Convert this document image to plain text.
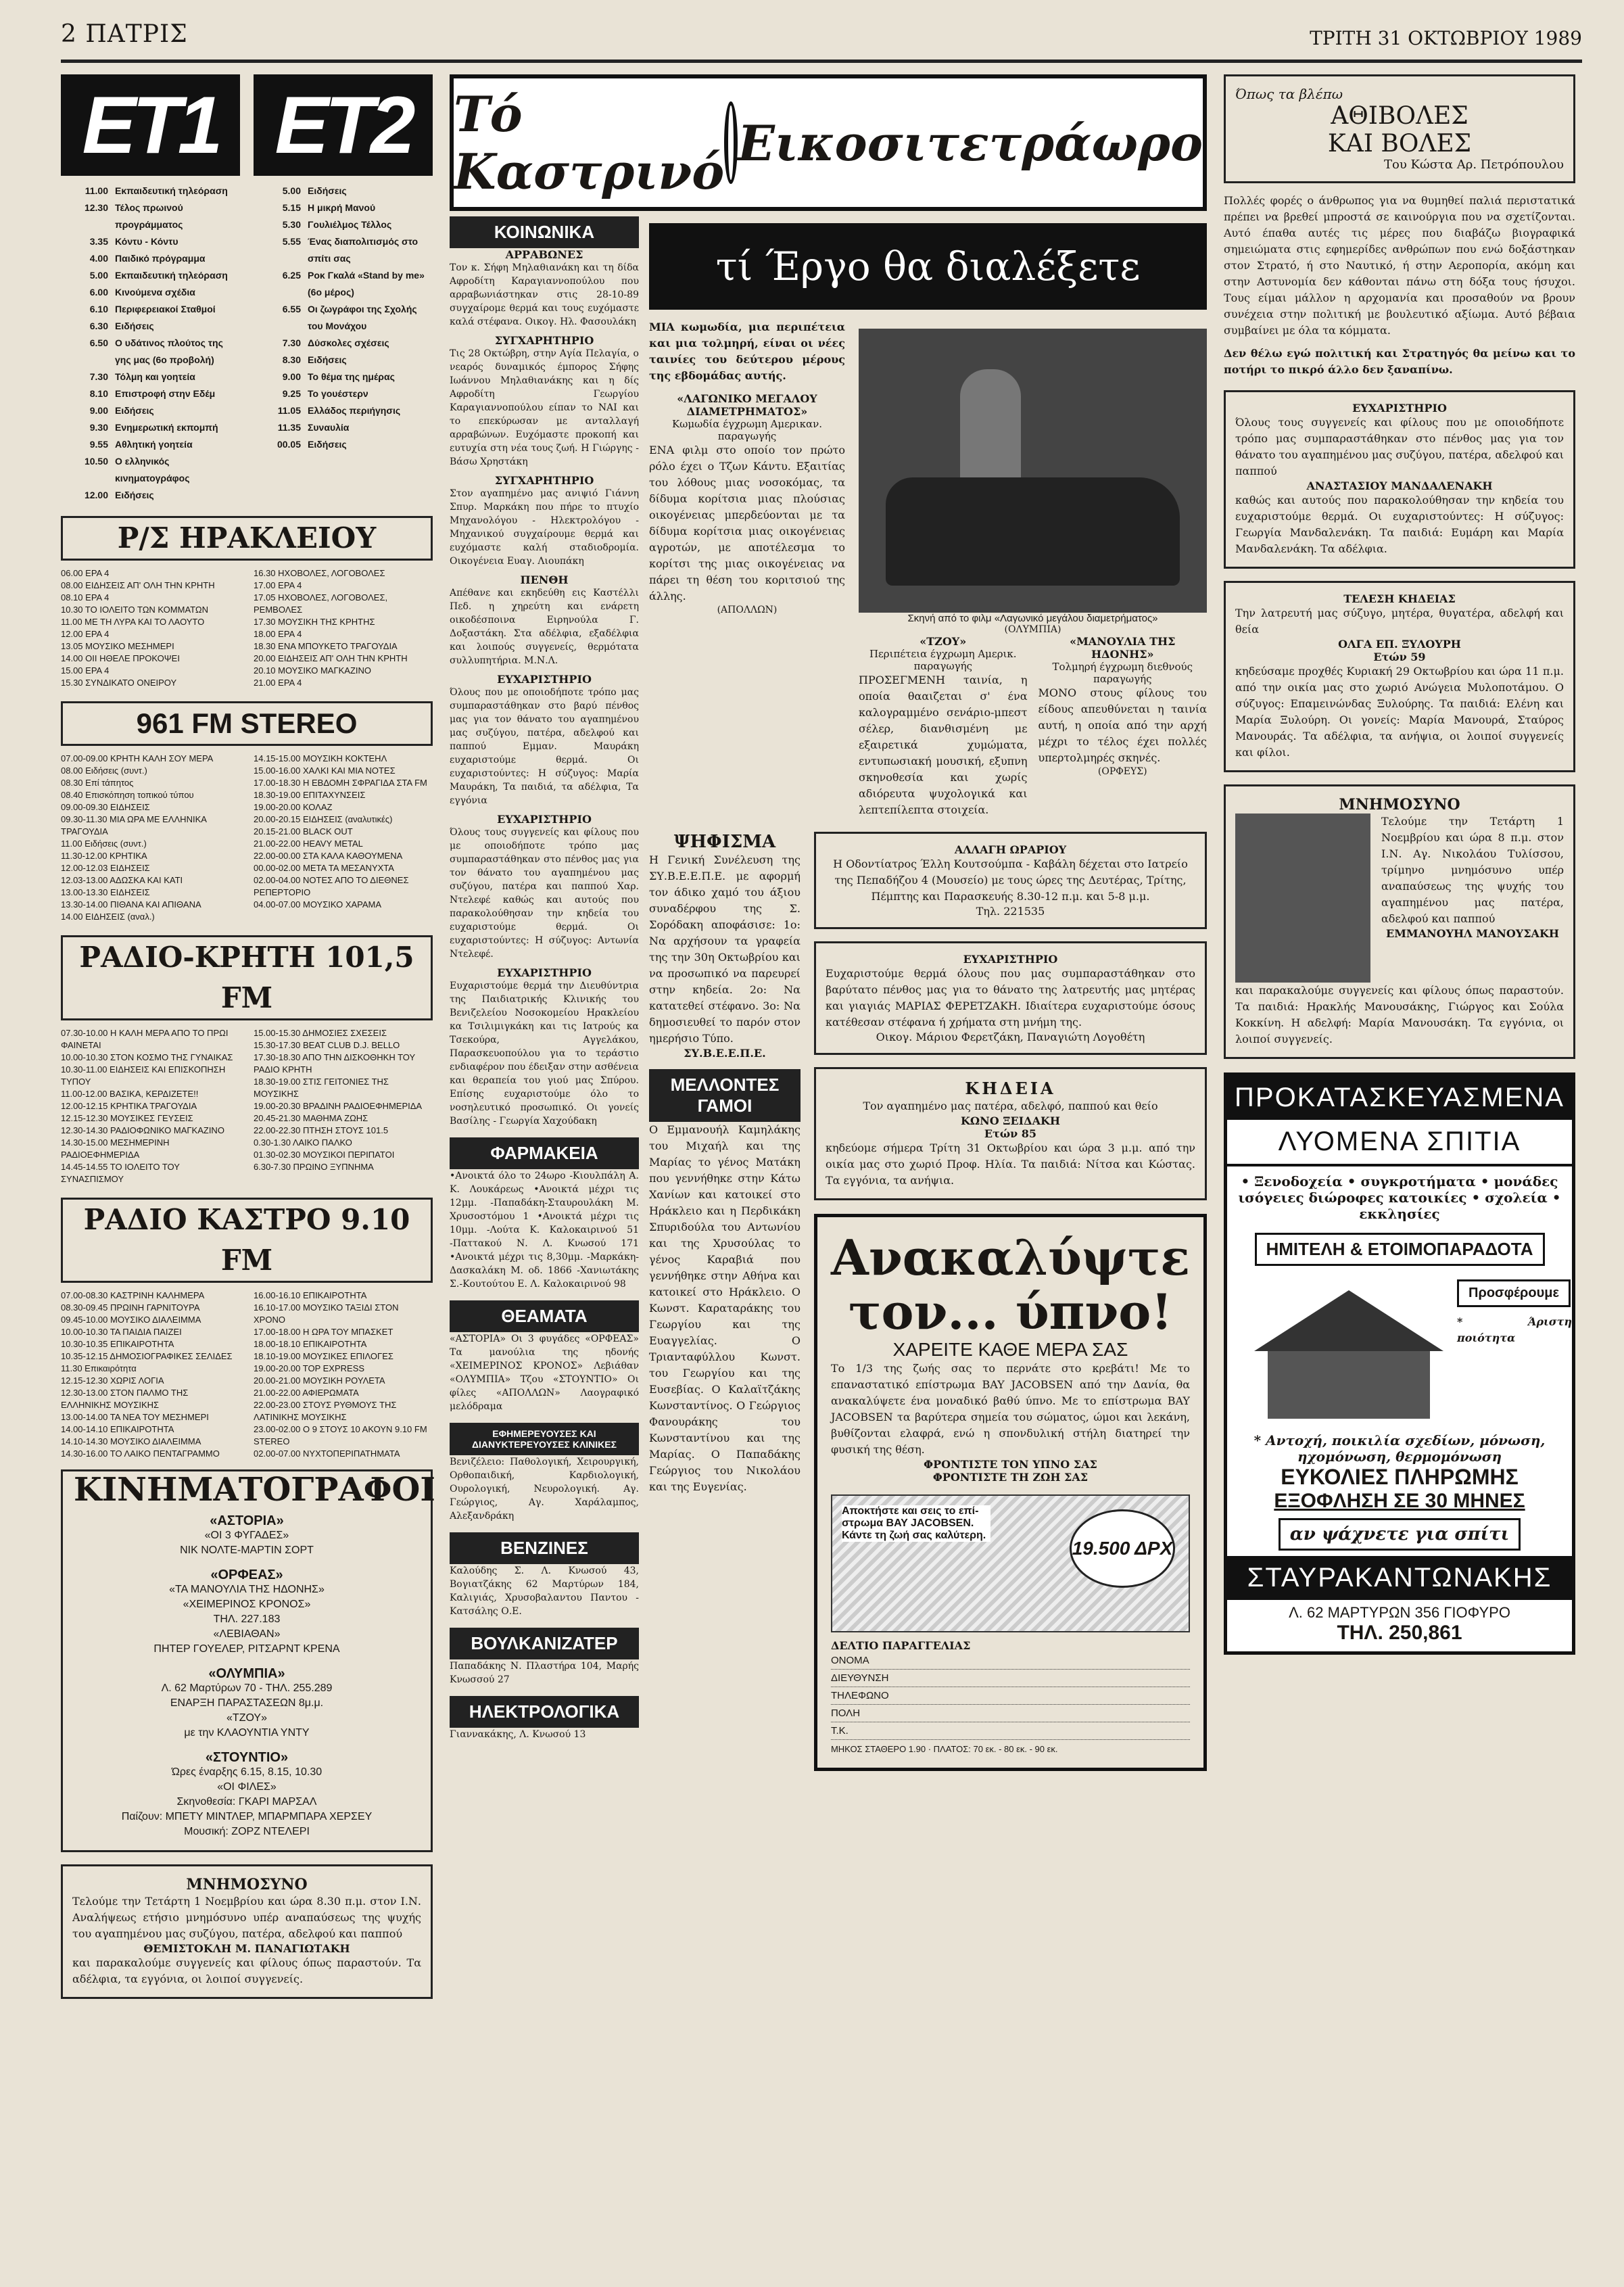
2 ΠΑΤΡΙΣ	ΤΡΙΤΗ 31 ΟΚΤΩΒΡΙΟΥ 1989
ΕΤ1
11.00 Εκπαιδευτική τηλεόραση
12.30 Τέλος πρωινού προγράμματος
3.35 Κόντυ - Κόντυ
4.00 Παιδικό πρόγραμμα
5.00 Εκπαιδευτική τηλεόραση
6.00 Κινούμενα σχέδια
6.10 Περιφερειακοί Σταθμοί
6.30 Ειδήσεις
6.50 Ο υδάτινος πλούτος της γης μας (6ο προβολή)
7.30 Τόλμη και γοητεία
8.10 Επιστροφή στην Εδέμ
9.00 Ειδήσεις
9.30 Ενημερωτική εκπομπή
9.55 Αθλητική γοητεία
10.50 Ο ελληνικός κινηματογράφος
12.00 Ειδήσεις
ΕΤ2
5.00 Ειδήσεις
5.15 Η μικρή Μανού
5.30 Γουλιέλμος Τέλλος
5.55 Ένας διαπολιτισμός στο σπίτι σας
6.25 Ροκ Γκαλά «Stand by me» (6ο μέρος)
6.55 Οι ζωγράφοι της Σχολής του Μονάχου
7.30 Δύσκολες σχέσεις
8.30 Ειδήσεις
9.00 Το θέμα της ημέρας
9.25 Το γουέστερν
11.05 Ελλάδος περιήγησις
11.35 Συναυλία
00.05 Ειδήσεις
Ρ/Σ ΗΡΑΚΛΕΙΟΥ
06.00 ΕΡΑ 4
08.00 ΕΙΔΗΣΕΙΣ ΑΠ' ΟΛΗ ΤΗΝ ΚΡΗΤΗ
08.10 ΕΡΑ 4
10.30 ΤΟ ΙΟΛΕΙΤΟ ΤΩΝ ΚΟΜΜΑΤΩΝ
11.00 ΜΕ ΤΗ ΛΥΡΑ ΚΑΙ ΤΟ ΛΑΟΥΤΟ
12.00 ΕΡΑ 4
13.05 ΜΟΥΣΙΚΟ ΜΕΣΗΜΕΡΙ
14.00 ΟΙΙ ΗΘΕΛΕ ΠΡΟΚΟΨΕΙ
15.00 ΕΡΑ 4
15.30 ΣΥΝΔΙΚΑΤΟ ΟΝΕΙΡΟΥ
16.30 ΗΧΟΒΟΛΕΣ, ΛΟΓΟΒΟΛΕΣ
17.00 ΕΡΑ 4
17.05 ΗΧΟΒΟΛΕΣ, ΛΟΓΟΒΟΛΕΣ, ΡΕΜΒΟΛΕΣ
17.30 ΜΟΥΣΙΚΗ ΤΗΣ ΚΡΗΤΗΣ
18.00 ΕΡΑ 4
18.30 ΕΝΑ ΜΠΟΥΚΕΤΟ ΤΡΑΓΟΥΔΙΑ
20.00 ΕΙΔΗΣΕΙΣ ΑΠ' ΟΛΗ ΤΗΝ ΚΡΗΤΗ
20.10 ΜΟΥΣΙΚΟ ΜΑΓΚΑΖΙΝΟ
21.00 ΕΡΑ 4
961 FM STEREO
07.00-09.00 ΚΡΗΤΗ ΚΑΛΗ ΣΟΥ ΜΕΡΑ
08.00 Ειδήσεις (συντ.)
08.30 Επί τάπητος
08.40 Επισκόπηση τοπικού τύπου
09.00-09.30 ΕΙΔΗΣΕΙΣ
09.30-11.30 ΜΙΑ ΩΡΑ ΜΕ ΕΛΛΗΝΙΚΑ ΤΡΑΓΟΥΔΙΑ
11.00 Ειδήσεις (συντ.)
11.30-12.00 ΚΡΗΤΙΚΑ
12.00-12.03 ΕΙΔΗΣΕΙΣ
12.03-13.00 ΑΔΩΣΚΑ ΚΑΙ ΚΑΤΙ
13.00-13.30 ΕΙΔΗΣΕΙΣ
13.30-14.00 ΠΙΘΑΝΑ ΚΑΙ ΑΠΙΘΑΝΑ
14.00 ΕΙΔΗΣΕΙΣ (αναλ.)
14.15-15.00 ΜΟΥΣΙΚΗ ΚΟΚΤΕΗΛ
15.00-16.00 ΧΑΛΚΙ ΚΑΙ ΜΙΑ ΝΟΤΕΣ
17.00-18.30 Η ΕΒΔΟΜΗ ΣΦΡΑΓΙΔΑ ΣΤΑ FM
18.30-19.00 ΕΠΙΤΑΧΥΝΣΕΙΣ
19.00-20.00 ΚΟΛΑΖ
20.00-20.15 ΕΙΔΗΣΕΙΣ (αναλυτικές)
20.15-21.00 BLACK OUT
21.00-22.00 HEAVY METAL
22.00-00.00 ΣΤΑ ΚΑΛΑ ΚΑΘΟΥΜΕΝΑ
00.00-02.00 ΜΕΤΑ ΤΑ ΜΕΣΑΝΥΧΤΑ
02.00-04.00 ΝΟΤΕΣ ΑΠΟ ΤΟ ΔΙΕΘΝΕΣ ΡΕΠΕΡΤΟΡΙΟ
04.00-07.00 ΜΟΥΣΙΚΟ ΧΑΡΑΜΑ
ΡΑΔΙΟ-ΚΡΗΤΗ 101,5 FM
07.30-10.00 Η ΚΑΛΗ ΜΕΡΑ ΑΠΟ ΤΟ ΠΡΩΙ ΦΑΙΝΕΤΑΙ
10.00-10.30 ΣΤΟΝ ΚΟΣΜΟ ΤΗΣ ΓΥΝΑΙΚΑΣ
10.30-11.00 ΕΙΔΗΣΕΙΣ ΚΑΙ ΕΠΙΣΚΟΠΗΣΗ ΤΥΠΟΥ
11.00-12.00 ΒΑΣΙΚΑ, ΚΕΡΔΙΖΕΤΕ!!
12.00-12.15 ΚΡΗΤΙΚΑ ΤΡΑΓΟΥΔΙΑ
12.15-12.30 ΜΟΥΣΙΚΕΣ ΓΕΥΣΕΙΣ
12.30-14.30 ΡΑΔΙΟΦΩΝΙΚΟ ΜΑΓΚΑΖΙΝΟ
14.30-15.00 ΜΕΣΗΜΕΡΙΝΗ ΡΑΔΙΟΕΦΗΜΕΡΙΔΑ
14.45-14.55 ΤΟ ΙΟΛΕΙΤΟ ΤΟΥ ΣΥΝΑΣΠΙΣΜΟΥ
15.00-15.30 ΔΗΜΟΣΙΕΣ ΣΧΕΣΕΙΣ
15.30-17.30 BEAT CLUB D.J. BELLO
17.30-18.30 ΑΠΟ ΤΗΝ ΔΙΣΚΟΘΗΚΗ ΤΟΥ ΡΑΔΙΟ ΚΡΗΤΗ
18.30-19.00 ΣΤΙΣ ΓΕΙΤΟΝΙΕΣ ΤΗΣ ΜΟΥΣΙΚΗΣ
19.00-20.30 ΒΡΑΔΙΝΗ ΡΑΔΙΟΕΦΗΜΕΡΙΔΑ
20.45-21.30 ΜΑΘΗΜΑ ΖΩΗΣ
22.00-22.30 ΠΤΗΣΗ ΣΤΟΥΣ 101.5
0.30-1.30 ΛΑΙΚΟ ΠΑΛΚΟ
01.30-02.30 ΜΟΥΣΙΚΟΙ ΠΕΡΙΠΑΤΟΙ
6.30-7.30 ΠΡΩΙΝΟ ΞΥΠΝΗΜΑ
ΡΑΔΙΟ ΚΑΣΤΡΟ 9.10 FM
07.00-08.30 ΚΑΣΤΡΙΝΗ ΚΑΛΗΜΕΡΑ
08.30-09.45 ΠΡΩΙΝΗ ΓΑΡΝΙΤΟΥΡΑ
09.45-10.00 ΜΟΥΣΙΚΟ ΔΙΑΛΕΙΜΜΑ
10.00-10.30 ΤΑ ΠΑΙΔΙΑ ΠΑΙΖΕΙ
10.30-10.35 ΕΠΙΚΑΙΡΟΤΗΤΑ
10.35-12.15 ΔΗΜΟΣΙΟΓΡΑΦΙΚΕΣ ΣΕΛΙΔΕΣ
11.30 Επικαιρότητα
12.15-12.30 ΧΩΡΙΣ ΛΟΓΙΑ
12.30-13.00 ΣΤΟΝ ΠΑΛΜΟ ΤΗΣ ΕΛΛΗΝΙΚΗΣ ΜΟΥΣΙΚΗΣ
13.00-14.00 ΤΑ ΝΕΑ ΤΟΥ ΜΕΣΗΜΕΡΙ
14.00-14.10 ΕΠΙΚΑΙΡΟΤΗΤΑ
14.10-14.30 ΜΟΥΣΙΚΟ ΔΙΑΛΕΙΜΜΑ
14.30-16.00 ΤΟ ΛΑΙΚΟ ΠΕΝΤΑΓΡΑΜΜΟ
16.00-16.10 ΕΠΙΚΑΙΡΟΤΗΤΑ
16.10-17.00 ΜΟΥΣΙΚΟ ΤΑΞΙΔΙ ΣΤΟΝ ΧΡΟΝΟ
17.00-18.00 Η ΩΡΑ ΤΟΥ ΜΠΑΣΚΕΤ
18.00-18.10 ΕΠΙΚΑΙΡΟΤΗΤΑ
18.10-19.00 ΜΟΥΣΙΚΕΣ ΕΠΙΛΟΓΕΣ
19.00-20.00 TOP EXPRESS
20.00-21.00 ΜΟΥΣΙΚΗ ΡΟΥΛΕΤΑ
21.00-22.00 ΑΦΙΕΡΩΜΑΤΑ
22.00-23.00 ΣΤΟΥΣ ΡΥΘΜΟΥΣ ΤΗΣ ΛΑΤΙΝΙΚΗΣ ΜΟΥΣΙΚΗΣ
23.00-02.00 Ο 9 ΣΤΟΥΣ 10 ΑΚΟΥΝ 9.10 FM STEREO
02.00-07.00 ΝΥΧΤΟΠΕΡΙΠΑΤΗΜΑΤΑ
ΚΙΝΗΜΑΤΟΓΡΑΦΟΙ
«ΑΣΤΟΡΙΑ»
«ΟΙ 3 ΦΥΓΑΔΕΣ»
ΝΙΚ ΝΟΛΤΕ-ΜΑΡΤΙΝ ΣΟΡΤ
«ΟΡΦΕΑΣ»
«ΤΑ ΜΑΝΟΥΛΙΑ ΤΗΣ ΗΔΟΝΗΣ»
«ΧΕΙΜΕΡΙΝΟΣ ΚΡΟΝΟΣ»
ΤΗΛ. 227.183
«ΛΕΒΙΑΘΑΝ»
ΠΗΤΕΡ ΓΟΥΕΛΕΡ, ΡΙΤΣΑΡΝΤ ΚΡΕΝΑ
«ΟΛΥΜΠΙΑ»
Λ. 62 Μαρτύρων 70 - ΤΗΛ. 255.289
ΕΝΑΡΞΗ ΠΑΡΑΣΤΑΣΕΩΝ 8μ.μ.
«ΤΖΟΥ»
με την ΚΛΑΟΥΝΤΙΑ ΥΝΤΥ
«ΣΤΟΥΝΤΙΟ»
Ώρες έναρξης 6.15, 8.15, 10.30
«ΟΙ ΦΙΛΕΣ»
Σκηνοθεσία: ΓΚΑΡΙ ΜΑΡΣΑΛ
Παίζουν: ΜΠΕΤΥ ΜΙΝΤΛΕΡ, ΜΠΑΡΜΠΑΡΑ ΧΕΡΣΕΥ
Μουσική: ΖΟΡΖ ΝΤΕΛΕΡΙ
ΜΝΗΜΟΣΥΝΟ
Τελούμε την Τετάρτη 1 Νοεμβρίου και ώρα 8.30 π.μ. στον Ι.Ν. Αναλήψεως ετήσιο μνημόσυνο υπέρ αναπαύσεως της ψυχής του αγαπημένου μας συζύγου, πατέρα, αδελφού και παππού
ΘΕΜΙΣΤΟΚΛΗ Μ. ΠΑΝΑΓΙΩΤΑΚΗ
και παρακαλούμε συγγενείς και φίλους όπως παραστούν. Τα αδέλφια, τα εγγόνια, οι λοιποί συγγενείς.
ΚΟΙΝΩΝΙΚΑ
ΑΡΡΑΒΩΝΕΣ
Τον κ. Σήφη Μηλαθιανάκη και τη δίδα Αφροδίτη Καραγιαννοπούλου που αρραβωνιάστηκαν στις 28-10-89 συγχαίρομε θερμά και τους ευχόμαστε καλά στέφανα. Οικογ. Ηλ. Φασουλάκη
ΣΥΓΧΑΡΗΤΗΡΙΟ
Τις 28 Οκτώβρη, στην Αγία Πελαγία, ο νεαρός δυναμικός έμπορος Σήφης Ιωάννου Μηλαθιανάκης και η δίς Αφροδίτη Γεωργίου Καραγιαννοπούλου είπαν το ΝΑΙ και το επεκύρωσαν με ανταλλαγή αρραβώνων. Ευχόμαστε προκοπή και ευτυχία στη νέα τους ζωή. Η Γιώργης - Βάσω Χρηστάκη
ΣΥΓΧΑΡΗΤΗΡΙΟ
Στον αγαπημένο μας ανιψιό Γιάννη Σπυρ. Μαρκάκη που πήρε το πτυχίο Μηχανολόγου - Ηλεκτρολόγου - Μηχανικού συγχαίρουμε θερμά και ευχόμαστε καλή σταδιοδρομία. Οικογένεια Ευαγ. Λιουπάκη
ΠΕΝΘΗ
Απέθανε και εκηδεύθη εις Καστέλλι Πεδ. η χηρεύτη και ενάρετη οικοδέσποινα Ειρηνούλα Γ. Δοξαστάκη. Στα αδέλφια, εξαδέλφια και λοιπούς συγγενείς, θερμότατα συλλυπητήρια. Μ.Ν.Λ.
ΕΥΧΑΡΙΣΤΗΡΙΟ
Όλους που με οποιοδήποτε τρόπο μας συμπαραστάθηκαν στο βαρύ πένθος μας για τον θάνατο του αγαπημένου μας συζύγου, πατέρα, αδελφού και παππού Εμμαν. Μαυράκη ευχαριστούμε θερμά. Οι ευχαριστούντες: Η σύζυγος: Μαρία Μαυράκη, Τα παιδιά, τα αδέλφια, Τα εγγόνια
ΕΥΧΑΡΙΣΤΗΡΙΟ
Όλους τους συγγενείς και φίλους που με οποιοδήποτε τρόπο μας συμπαραστάθηκαν στο πένθος μας για τον θάνατο του αγαπημένου μας συζύγου, πατέρα και παππού Χαρ. Ντελεφέ καθώς και αυτούς που παρακολούθησαν την κηδεία του ευχαριστούμε θερμά. Οι ευχαριστούντες: Η σύζυγος: Αντωνία Ντελεφέ.
ΕΥΧΑΡΙΣΤΗΡΙΟ
Ευχαριστούμε θερμά την Διευθύντρια της Παιδιατρικής Κλινικής του Βενιζελείου Νοσοκομείου Ηρακλείου κα Τσιλιμιγκάκη και τις Ιατρούς κα Τσεκούρα, Αγγελάκου, Παρασκευοπούλου για το τεράστιο ενδιαφέρον που έδειξαν στην ασθένεια και θεραπεία του γιού μας Σπύρου. Επίσης ευχαριστούμε όλο το νοσηλευτικό προσωπικό. Οι γονείς Βασίλης - Γεωργία Χαχούδακη
ΦΑΡΜΑΚΕΙΑ
•Ανοικτά όλο το 24ωρο -Κιουλπάλη Α. Κ. Λουκάρεως •Ανοικτά μέχρι τις 12μμ. -Παπαδάκη-Σταυρουλάκη Μ. Χρυσοστόμου 1 •Ανοικτά μέχρι τις 10μμ. -Λούτα Κ. Καλοκαιρινού 51 -Παττακού Ν. Λ. Κνωσού 171 •Ανοικτά μέχρι τις 8,30μμ. -Μαρκάκη-Δασκαλάκη Μ. οδ. 1866 -Χανιωτάκης Σ.-Κουτούτου Ε. Λ. Καλοκαιρινού 98
ΘΕΑΜΑΤΑ
«ΑΣΤΟΡΙΑ» Οι 3 φυγάδες «ΟΡΦΕΑΣ» Τα μανούλια της ηδονής «ΧΕΙΜΕΡΙΝΟΣ ΚΡΟΝΟΣ» Λεβιάθαν «ΟΛΥΜΠΙΑ» Τζου «ΣΤΟΥΝΤΙΟ» Οι φίλες «ΑΠΟΛΛΩΝ» Λαογραφικό μελόδραμα
ΕΦΗΜΕΡΕΥΟΥΣΕΣ ΚΑΙ ΔΙΑΝΥΚΤΕΡΕΥΟΥΣΕΣ ΚΛΙΝΙΚΕΣ
Βενιζέλειο: Παθολογική, Χειρουργική, Ορθοπαιδική, Καρδιολογική, Ουρολογική, Νευρολογική. Αγ. Γεώργιος, Αγ. Χαράλαμπος, Αλεξανδράκη
ΒΕΝΖΙΝΕΣ
Καλούδης Σ. Λ. Κνωσού 43, Βογιατζάκης 62 Μαρτύρων 184, Καλιγιάς, Χρυσοβαλαντου Παντου - Κατσάλης Ο.Ε.
ΒΟΥΛΚΑΝΙΖΑΤΕΡ
Παπαδάκης Ν. Πλαστήρα 104, Μαρής Κνωσσού 27
ΗΛΕΚΤΡΟΛΟΓΙΚΑ
Γιαννακάκης, Λ. Κνωσού 13
Τό Καστρινό Εικοσιτετράωρο
τί Έργο θα διαλέξετε
ΜΙΑ κωμωδία, μια περιπέτεια και μια τολμηρή, είναι οι νέες ταινίες του δεύτερου μέρους της εβδομάδας αυτής.
«ΛΑΓΩΝΙΚΟ ΜΕΓΑΛΟΥ ΔΙΑΜΕΤΡΗΜΑΤΟΣ»
Κωμωδία έγχρωμη Αμερικαν. παραγωγής
ΕΝΑ φιλμ στο οποίο τον πρώτο ρόλο έχει ο Τζων Κάντυ. Εξαιτίας του λόθους μιας νοσοκόμας, τα δίδυμα κορίτσια μιας πλούσιας οικογένειας μπερδεύονται με τα δίδυμα κορίτσια μιας οικογένειας αγροτών, με αποτέλεσμα το κορίτσι της μιας οικογένειας να πάρει τη θέση του κοριτσιού της άλλης.
(ΑΠΟΛΛΩΝ)
Σκηνή από το φιλμ «Λαγωνικό μεγάλου διαμετρήματος»
(ΟΛΥΜΠΙΑ)
«ΤΖΟΥ»
Περιπέτεια έγχρωμη Αμερικ. παραγωγής
ΠΡΟΣΕΓΜΕΝΗ ταινία, η οποία θααιζεται σ' ένα καλογραμμένο σενάριο-μπεστ σέλερ, διανθισμένη με εξαιρετικά χυμώματα, εντυπωσιακή μουσική, εξυπνη σκηνοθεσία και χωρίς αδιόρευτα ψυχολογικά και λεπτεπίλεπτα στοιχεία.
«ΜΑΝΟΥΛΙΑ ΤΗΣ ΗΔΟΝΗΣ»
Τολμηρή έγχρωμη διεθνούς παραγωγής
ΜΟΝΟ στους φίλους του είδους απευθύνεται η ταινία αυτή, η οποία από την αρχή μέχρι το τέλος έχει πολλές υπερτολμηρές σκηνές.
(ΟΡΦΕΥΣ)
ΨΗΦΙΣΜΑ
Η Γενική Συνέλευση της ΣΥ.Β.Ε.Ε.Π.Ε. με αφορμή τον άδικο χαμό του άξιου συναδέρφου της Σ. Σορόδακη αποφάσισε: 1ο: Να αρχήσουν τα γραφεία της την 30η Οκτωβρίου και να προσωπικό να παρευρεί στην κηδεία. 2ο: Να κατατεθεί στέφανο. 3ο: Να δημοσιευθεί το παρόν στον ημερήσιο Τύπο.
ΣΥ.Β.Ε.Ε.Π.Ε.
ΜΕΛΛΟΝΤΕΣ ΓΑΜΟΙ
Ο Εμμανουήλ Καμηλάκης του Μιχαήλ και της Μαρίας το γένος Ματάκη που γεννήθηκε στην Κάτω Χανίων και κατοικεί στο Ηράκλειο και η Περδικάκη Σπυριδούλα του Αντωνίου και της Χρυσούλας το γένος Καραβιά που γεννήθηκε στην Αθήνα και κατοικεί στο Ηράκλειο. Ο Κωνστ. Καραταράκης του Γεωργίου και της Ευαγγελίας. Ο Τριανταφύλλου Κωνστ. του Γεωργίου και της Ευσεβίας. Ο Καλαϊτζάκης Κωνσταντίνος. Ο Γεώργιος Φανουράκης του Κωνσταντίνου και της Μαρίας. Ο Παπαδάκης Γεώργιος του Νικολάου και της Ευγενίας.
ΑΛΛΑΓΗ ΩΡΑΡΙΟΥ
Η Οδοντίατρος Έλλη Κουτσούμπα - Καβάλη δέχεται στο Ιατρείο της Πεπαδήζου 4 (Μουσείο) με τους ώρες της Δευτέρας, Τρίτης, Πέμπτης και Παρασκευής 8.30-12 π.μ. και 5-8 μ.μ.
Τηλ. 221535
ΕΥΧΑΡΙΣΤΗΡΙΟ
Ευχαριστούμε θερμά όλους που μας συμπαραστάθηκαν στο βαρύτατο πένθος μας για το θάνατο της λατρευτής μας μητέρας και γιαγιάς ΜΑΡΙΑΣ ΦΕΡΕΤΖΑΚΗ. Ιδιαίτερα ευχαριστούμε όσους κατέθεσαν στέφανα ή χρήματα στη μνήμη της.
Οικογ. Μάριου Φερετζάκη, Παναγιώτη Λογοθέτη
ΚΗΔΕΙΑ
Τον αγαπημένο μας πατέρα, αδελφό, παππού και θείο
ΚΩΝΟ ΞΕΙΔΑΚΗ
Ετών 85
κηδεύομε σήμερα Τρίτη 31 Οκτωβρίου και ώρα 3 μ.μ. από την οικία μας στο χωριό Προφ. Ηλία. Τα παιδιά: Νίτσα και Κώστας. Τα εγγόνια, τα ανήψια.
Ανακαλύψτε
τον... ύπνο!
ΧΑΡΕΙΤΕ ΚΑΘΕ ΜΕΡΑ ΣΑΣ
Το 1/3 της ζωής σας το περνάτε στο κρεβάτι! Με το επαναστατικό επίστρωμα BAY JACOBSEN από την Δανία, θα ανακαλύψετε ένα μοναδικό βαθύ ύπνο. Με το επίστρωμα BAY JACOBSEN τα βαρύτερα σημεία του σώματος, ώμοι και λεκάνη, βυθίζονται ελαφρά, ενώ η σπονδυλική στήλη διατηρεί την φυσική της θέση.
ΦΡΟΝΤΙΣΤΕ ΤΟΝ ΥΠΝΟ ΣΑΣ
ΦΡΟΝΤΙΣΤΕ ΤΗ ΖΩΗ ΣΑΣ
Αποκτήστε και σεις το επί-στρωμα BAY JACOBSEN. Κάντε τη ζωή σας καλύτερη.
19.500 ΔΡΧ
ΔΕΛΤΙΟ ΠΑΡΑΓΓΕΛΙΑΣ
ΟΝΟΜΑ
ΔΙΕΥΘΥΝΣΗ
ΤΗΛΕΦΩΝΟ
ΠΟΛΗ
Τ.Κ.
ΜΗΚΟΣ ΣΤΑΘΕΡΟ 1.90 · ΠΛΑΤΟΣ: 70 εκ. - 80 εκ. - 90 εκ.
Όπως τα βλέπω
ΑΘΙΒΟΛΕΣ
ΚΑΙ ΒΟΛΕΣ
Του Κώστα Αρ. Πετρόπουλου
Πολλές φορές ο άνθρωπος για να θυμηθεί παλιά περιστατικά πρέπει να βρεθεί μπροστά σε καινούργια που να σχετίζονται. Αυτό έπαθα αυτές τις μέρες που διαβάζω βιογραφικά σημειώματα στις εφημερίδες ανθρώπων που ενώ δοξάστηκαν στον Στρατό, ή στο Ναυτικό, ή στην Αεροπορία, ακόμη και στην Αστυνομία δεν κάθονται πάνω στη δόξα τους ήσυχοι. Τους είμαι μάλλον η αρχομανία και προσαθούν να βρουν συνέχεια στην πολιτική με βουλευτικό αξίωμα. Αυτό βέβαια συμβαίνει με όλα τα κόμματα.
Δεν θέλω εγώ πολιτική και Στρατηγός θα μείνω και το ποτήρι το πικρό άλλο δεν ξαναπίνω.
ΕΥΧΑΡΙΣΤΗΡΙΟ
Όλους τους συγγενείς και φίλους που με οποιοδήποτε τρόπο μας συμπαραστάθηκαν στο πένθος μας για τον θάνατο του αγαπημένου μας συζύγου, πατέρα, αδελφού και παππού
ΑΝΑΣΤΑΣΙΟΥ ΜΑΝΔΑΛΕΝΑΚΗ
καθώς και αυτούς που παρακολούθησαν την κηδεία του ευχαριστούμε θερμά. Οι ευχαριστούντες: Η σύζυγος: Γεωργία Μανδαλενάκη. Τα παιδιά: Ευμάρη και Μαρία Μανδαλενάκη. Τα αδέλφια.
ΤΕΛΕΣΗ ΚΗΔΕΙΑΣ
Την λατρευτή μας σύζυγο, μητέρα, θυγατέρα, αδελφή και θεία
ΟΛΓΑ ΕΠ. ΞΥΛΟΥΡΗ
Ετών 59
κηδεύσαμε προχθές Κυριακή 29 Οκτωβρίου και ώρα 11 π.μ. από την οικία μας στο χωριό Ανώγεια Μυλοποτάμου. Ο σύζυγος: Επαμεινώνδας Ξυλούρης. Τα παιδιά: Ελένη και Μαρία Ξυλούρη. Οι γονείς: Μαρία Μανουρά, Σταύρος Μανουράς. Τα αδέλφια, τα ανήψια, οι λοιποί συγγενείς και φίλοι.
ΜΝΗΜΟΣΥΝΟ
Τελούμε την Τετάρτη 1 Νοεμβρίου και ώρα 8 π.μ. στον Ι.Ν. Αγ. Νικολάου Τυλίσσου, τρίμηνο μνημόσυνο υπέρ αναπαύσεως της ψυχής του αγαπημένου μας πατέρα, αδελφού και παππού
ΕΜΜΑΝΟΥΗΛ ΜΑΝΟΥΣΑΚΗ
και παρακαλούμε συγγενείς και φίλους όπως παραστούν. Τα παιδιά: Ηρακλής Μανουσάκης, Γιώργος και Σούλα Κοκκίνη. Η αδελφή: Μαρία Μανουσάκη. Τα εγγόνια, οι λοιποί συγγενείς.
ΠΡΟΚΑΤΑΣΚΕΥΑΣΜΕΝΑ
ΛΥΟΜΕΝΑ ΣΠΙΤΙΑ
• Ξενοδοχεία • συγκροτήματα • μονάδες ισόγειες διώροφες κατοικίες • σχολεία • εκκλησίες
ΗΜΙΤΕΛΗ & ΕΤΟΙΜΟΠΑΡΑΔΟΤΑ
Προσφέρουμε
* Άριστη ποιότητα
* Αντοχή, ποικιλία σχεδίων, μόνωση, ηχομόνωση, θερμομόνωση
ΕΥΚΟΛΙΕΣ ΠΛΗΡΩΜΗΣ
ΕΞΟΦΛΗΣΗ ΣΕ 30 ΜΗΝΕΣ
αν ψάχνετε για σπίτι
ΣΤΑΥΡΑΚΑΝΤΩΝΑΚΗΣ
Λ. 62 ΜΑΡΤΥΡΩΝ 356 ΓΙΟΦΥΡΟ
ΤΗΛ. 250,861
